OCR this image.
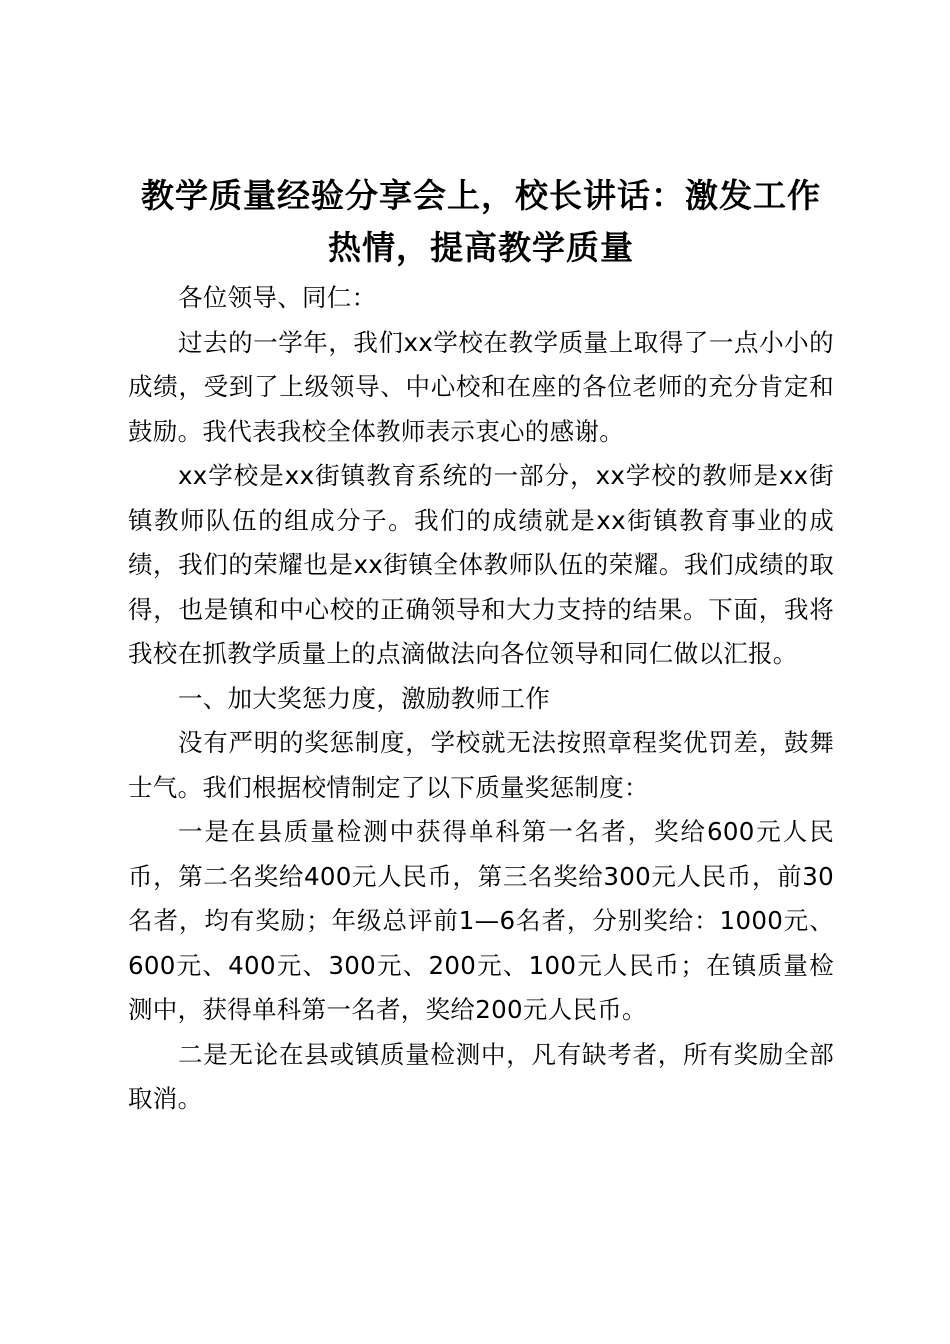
教学质量经验分享会上，校长讲话：激发工作热情，提高教学质量

各位领导、同仁：

过去的一学年，我们xx学校在教学质量上取得了一点小小的成绩，受到了上级领导、中心校和在座的各位老师的充分肯定和鼓励。我代表我校全体教师表示衷心的感谢。

xx学校是xx街镇教育系统的一部分，xx学校的教师是xx街镇教师队伍的组成分子。我们的成绩就是xx街镇教育事业的成绩，我们的荣耀也是xx街镇全体教师队伍的荣耀。我们成绩的取得，也是镇和中心校的正确领导和大力支持的结果。下面，我将我校在抓教学质量上的点滴做法向各位领导和同仁做以汇报。

一、加大奖惩力度，激励教师工作

没有严明的奖惩制度，学校就无法按照章程奖优罚差，鼓舞士气。我们根据校情制定了以下质量奖惩制度：

一是在县质量检测中获得单科第一名者，奖给600元人民币，第二名奖给400元人民币，第三名奖给300元人民币，前30名者，均有奖励；年级总评前1—6名者，分别奖给：1000元、600元、400元、300元、200元、100元人民币；在镇质量检测中，获得单科第一名者，奖给200元人民币。

二是无论在县或镇质量检测中，凡有缺考者，所有奖励全部取消。
